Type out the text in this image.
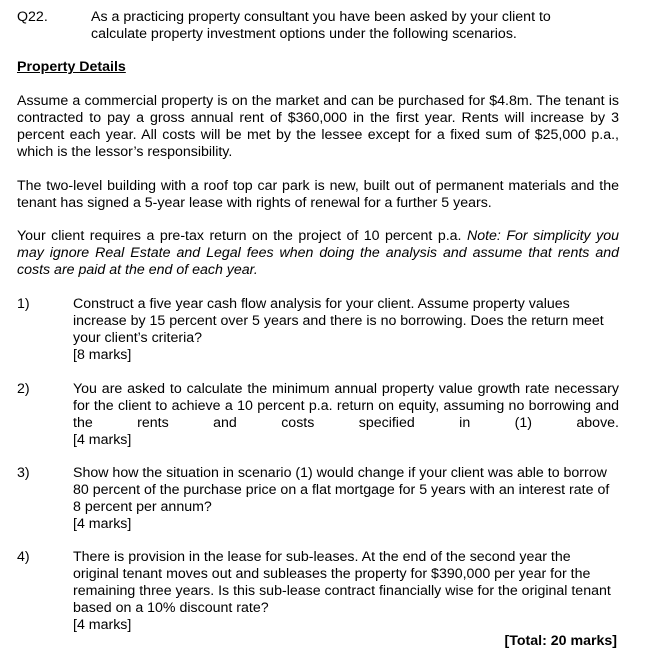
Q22.	As a practicing property consultant you have been asked by your client to
calculate property investment options under the following scenarios.
Property Details
Assume a commercial property is on the market and can be purchased for $4.8m. The tenant is contracted to pay a gross annual rent of $360,000 in the first year. Rents will increase by 3 percent each year. All costs will be met by the lessee except for a fixed sum of $25,000 p.a., which is the lessor’s responsibility.
The two-level building with a roof top car park is new, built out of permanent materials and the tenant has signed a 5-year lease with rights of renewal for a further 5 years.
Your client requires a pre-tax return on the project of 10 percent p.a. Note: For simplicity you may ignore Real Estate and Legal fees when doing the analysis and assume that rents and costs are paid at the end of each year.
1)	Construct a five year cash flow analysis for your client. Assume property values increase by 15 percent over 5 years and there is no borrowing. Does the return meet your client’s criteria?
[8 marks]
2)	You are asked to calculate the minimum annual property value growth rate necessary for the client to achieve a 10 percent p.a. return on equity, assuming no borrowing and the rents and costs specified in (1) above.
[4 marks]
3)	Show how the situation in scenario (1) would change if your client was able to borrow 80 percent of the purchase price on a flat mortgage for 5 years with an interest rate of 8 percent per annum?
[4 marks]
4)	There is provision in the lease for sub-leases. At the end of the second year the original tenant moves out and subleases the property for $390,000 per year for the remaining three years. Is this sub-lease contract financially wise for the original tenant based on a 10% discount rate?
[4 marks]
[Total: 20 marks]
